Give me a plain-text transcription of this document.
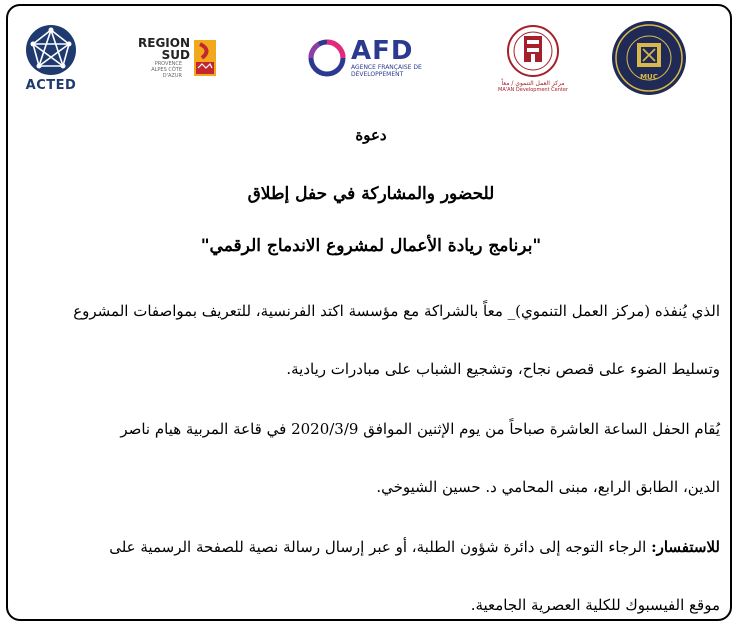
ACTED
REGION
SUD
PROVENCE ALPES CÔTE D'AZUR
AFD
AGENCE FRANÇAISE DE DÉVELOPPEMENT
مركز العمل التنموي / معاً
MA'AN Development Center
MUC

دعوة

للحضور والمشاركة في حفل إطلاق

"برنامج ريادة الأعمال لمشروع الاندماج الرقمي"

الذي يُنفذه (مركز العمل التنموي)_ معاً بالشراكة مع مؤسسة اكتد الفرنسية، للتعريف بمواصفات المشروع
وتسليط الضوء على قصص نجاح، وتشجيع الشباب على مبادرات ريادية.
يُقام الحفل الساعة العاشرة صباحاً من يوم الإثنين الموافق 2020/3/9 في قاعة المربية هيام ناصر
الدين، الطابق الرابع، مبنى المحامي د. حسين الشيوخي.
للاستفسار: الرجاء التوجه إلى دائرة شؤون الطلبة، أو عبر إرسال رسالة نصية للصفحة الرسمية على
موقع الفيسبوك للكلية العصرية الجامعية.
